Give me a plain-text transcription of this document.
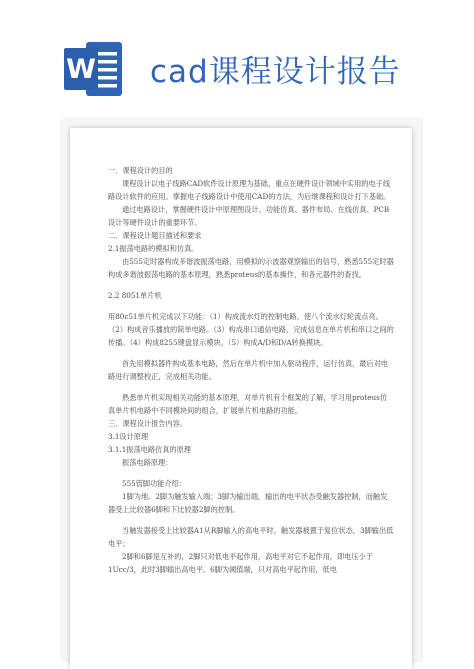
W cad课程设计报告

一．课程设计的目的

课程设计以电子线路CAD软件设计原理为基础，重点在硬件设计领域中实用的电子线路设计软件的应用。掌握电子线路设计中使用CAD的方法，为后继课程和设计打下基础。

通过电路设计，掌握硬件设计中原理图设计、功能仿真、器件布局、在线仿真、PCB设计等硬件设计的重要环节。

二．课程设计题目描述和要求

2.1振荡电路的模拟和仿真。

由555定时器构成多谐波振荡电路，用模拟的示波器观察输出的信号，熟悉555定时器构成多谐波振荡电路的基本原理，熟悉proteus的基本操作，和各元器件的查找。

2.2 8051单片机

用80c51单片机完成以下功能：（1）构成流水灯的控制电路，使八个流水灯轮流点亮。（2）构成音乐播放的简单电路。（3）构成串口通信电路，完成信息在单片机和串口之间的传播。（4）构成8255键盘显示模块。（5）构成A/D和D/A转换模块。

首先用模拟器件构成基本电路，然后在单片机中加入驱动程序，运行仿真，最后对电路进行调整校正，完成相关功能。

熟悉单片机实现相关功能的基本原理，对单片机有个框架的了解，学习用proteus仿真单片机电路中不同模块间的组合，扩展单片机电路的功能。

三．课程设计报告内容。

3.1设计原理

3.1.1振荡电路仿真的原理

振荡电路原理：

555管脚功能介绍：

1脚为地。2脚为触发输入端；3脚为输出端，输出的电平状态受触发器控制，而触发器受上比较器6脚和下比较器2脚的控制。

当触发器接受上比较器A1从R脚输入的高电平时，触发器被置于复位状态，3脚输出低电平；

2脚和6脚是互补的，2脚只对低电平起作用，高电平对它不起作用，即电压小于1Ucc/3，此时3脚输出高电平。6脚为阈值端，只对高电平起作用，低电
